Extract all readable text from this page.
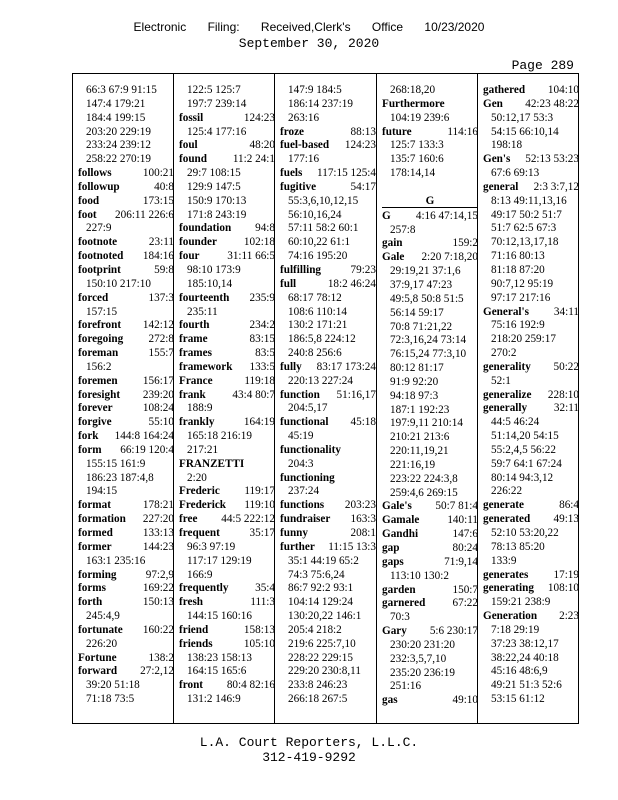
Electronic Filing: Received,Clerk's Office 10/23/2020
September 30, 2020
Page 289
66:3 67:9 91:15
147:4 179:21
184:4 199:15
203:20 229:19
233:24 239:12
258:22 270:19
follows	100:21
followup	40:8
food	173:15
foot 206:11 226:6
227:9
footnote	23:11
footnoted 184:16
footprint	59:8
150:10 217:10
forced	137:3
157:15
forefront 142:12
foregoing 272:8
foreman	155:7
156:2
foremen 156:17
foresight 239:20
forever	108:24
forgive	55:10
fork 144:8 164:24
form 66:19 120:4
155:15 161:9
186:23 187:4,8
194:15
format	178:21
formation 227:20
formed	133:13
former	144:23
163:1 235:16
forming	97:2,9
forms	169:22
forth	150:13
245:4,9
fortunate 160:22
226:20
Fortune	138:2
forward 27:2,12
39:20 51:18
71:18 73:5
122:5 125:7
197:7 239:14
fossil	124:23
125:4 177:16
foul	48:20
found 11:2 24:1
29:7 108:15
129:9 147:5
150:9 170:13
171:8 243:19
foundation 94:8
founder 102:18
four 31:11 66:5
98:10 173:9
185:10,14
fourteenth 235:9
235:11
fourth	234:2
frame	83:15
frames	83:5
framework 133:5
France	119:18
frank 43:4 80:7
188:9
frankly	164:19
165:18 216:19
217:21
FRANZETTI
2:20
Frederic 119:17
Frederick 119:10
free 44:5 222:12
frequent	35:17
96:3 97:19
117:17 129:19
166:9
frequently 35:4
fresh	111:3
144:15 160:16
friend	158:13
friends	105:10
138:23 158:13
164:15 165:6
front 80:4 82:16
131:2 146:9
147:9 184:5
186:14 237:19
263:16
froze	88:13
fuel-based 124:23
177:16
fuels 117:15 125:4
fugitive	54:17
55:3,6,10,12,15
56:10,16,24
57:11 58:2 60:1
60:10,22 61:1
74:16 195:20
fulfilling	79:23
full	18:2 46:24
68:17 78:12
108:6 110:14
130:2 171:21
186:5,8 224:12
240:8 256:6
fully 83:17 173:24
220:13 227:24
function 51:16,17
204:5,17
functional 45:18
45:19
functionality
204:3
functioning
237:24
functions 203:23
fundraiser 163:3
funny	208:1
further 11:15 13:3
35:1 44:19 65:2
74:3 75:6,24
86:7 92:2 93:1
104:14 129:24
130:20,22 146:1
205:4 218:2
219:6 225:7,10
228:22 229:15
229:20 230:8,11
233:8 246:23
266:18 267:5
268:18,20
Furthermore
104:19 239:6
future	114:16
125:7 133:3
135:7 160:6
178:14,14
G
G 4:16 47:14,15
257:8
gain	159:2
Gale 2:20 7:18,20
29:19,21 37:1,6
37:9,17 47:23
49:5,8 50:8 51:5
56:14 59:17
70:8 71:21,22
72:3,16,24 73:14
76:15,24 77:3,10
80:12 81:17
91:9 92:20
94:18 97:3
187:1 192:23
197:9,11 210:14
210:21 213:6
220:11,19,21
221:16,19
223:22 224:3,8
259:4,6 269:15
Gale's 50:7 81:4
Gamale	140:11
Gandhi	147:6
gap	80:24
gaps	71:9,14
113:10 130:2
garden	150:7
garnered 67:22
70:3
Gary 5:6 230:17
230:20 231:20
232:3,5,7,10
235:20 236:19
251:16
gas	49:10
gathered 104:10
Gen 42:23 48:22
50:12,17 53:3
54:15 66:10,14
198:18
Gen's 52:13 53:23
67:6 69:13
general 2:3 3:7,12
8:13 49:11,13,16
49:17 50:2 51:7
51:7 62:5 67:3
70:12,13,17,18
71:16 80:13
81:18 87:20
90:7,12 95:19
97:17 217:16
General's 34:11
75:16 192:9
218:20 259:17
270:2
generality 50:22
52:1
generalize 228:10
generally 32:11
44:5 46:24
51:14,20 54:15
55:2,4,5 56:22
59:7 64:1 67:24
80:14 94:3,12
226:22
generate	86:4
generated 49:13
52:10 53:20,22
78:13 85:20
133:9
generates 17:19
generating 108:10
159:21 238:9
Generation 2:23
7:18 29:19
37:23 38:12,17
38:22,24 40:18
45:16 48:6,9
49:21 51:3 52:6
53:15 61:12
L.A. Court Reporters, L.L.C.
312-419-9292
